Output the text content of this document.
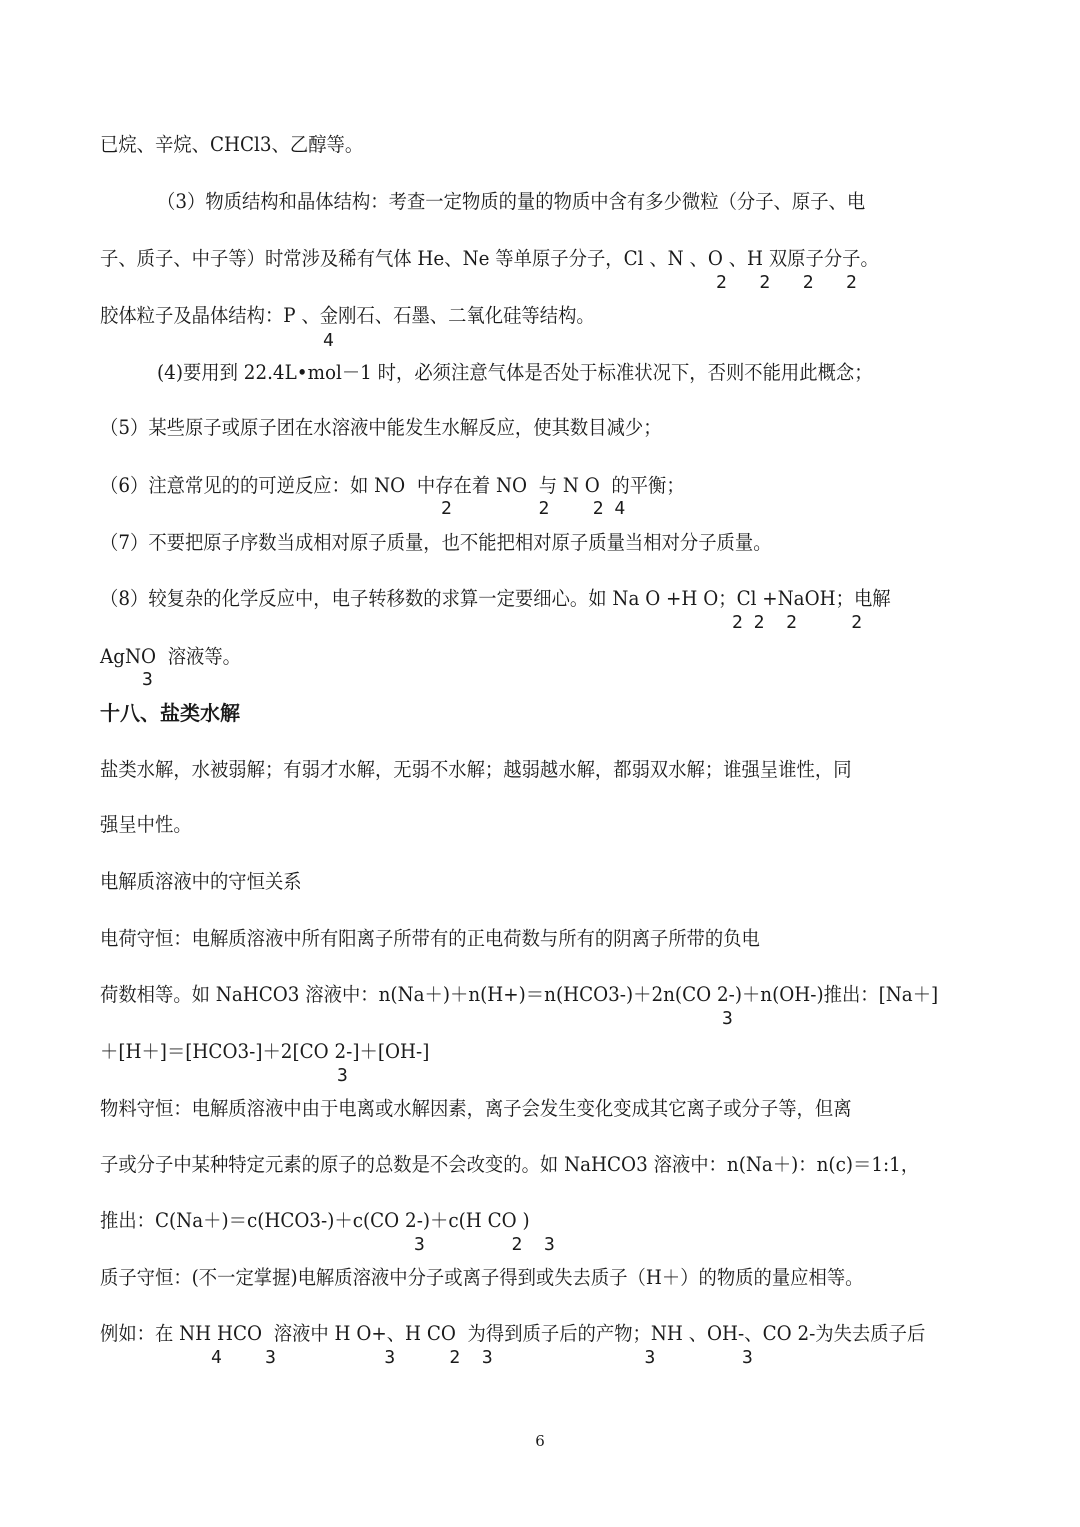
已烷、辛烷、CHCl3、乙醇等。
（3）物质结构和晶体结构：考查一定物质的量的物质中含有多少微粒（分子、原子、电
子、质子、中子等）时常涉及稀有气体 He、Ne 等单原子分子，Cl 、N 、O 、H 双原子分子。
2   2   2   2
胶体粒子及晶体结构：P 、金刚石、石墨、二氧化硅等结构。
4
(4)要用到 22.4L•mol－1 时，必须注意气体是否处于标准状况下，否则不能用此概念；
（5）某些原子或原子团在水溶液中能发生水解反应，使其数目减少；
（6）注意常见的的可逆反应：如 NO  中存在着 NO  与 N O  的平衡；
2        2    2 4
（7）不要把原子序数当成相对原子质量，也不能把相对原子质量当相对分子质量。
（8）较复杂的化学反应中，电子转移数的求算一定要细心。如 Na O +H O；Cl +NaOH；电解
2 2  2     2
AgNO  溶液等。
3
十八、盐类水解
盐类水解，水被弱解；有弱才水解，无弱不水解；越弱越水解，都弱双水解；谁强呈谁性，同
强呈中性。
电解质溶液中的守恒关系
电荷守恒：电解质溶液中所有阳离子所带有的正电荷数与所有的阴离子所带的负电
荷数相等。如 NaHCO3 溶液中：n(Na＋)＋n(H+)＝n(HCO3-)＋2n(CO 2-)＋n(OH-)推出：[Na＋]
3
＋[H＋]＝[HCO3-]＋2[CO 2-]＋[OH-]
3
物料守恒：电解质溶液中由于电离或水解因素，离子会发生变化变成其它离子或分子等，但离
子或分子中某种特定元素的原子的总数是不会改变的。如 NaHCO3 溶液中：n(Na＋)：n(c)＝1:1，
推出：C(Na＋)＝c(HCO3-)＋c(CO 2-)＋c(H CO )
3        2  3
质子守恒：(不一定掌握)电解质溶液中分子或离子得到或失去质子（H＋）的物质的量应相等。
例如：在 NH HCO  溶液中 H O+、H CO  为得到质子后的产物；NH 、OH-、CO 2-为失去质子后
4    3          3     2  3              3        3
6
